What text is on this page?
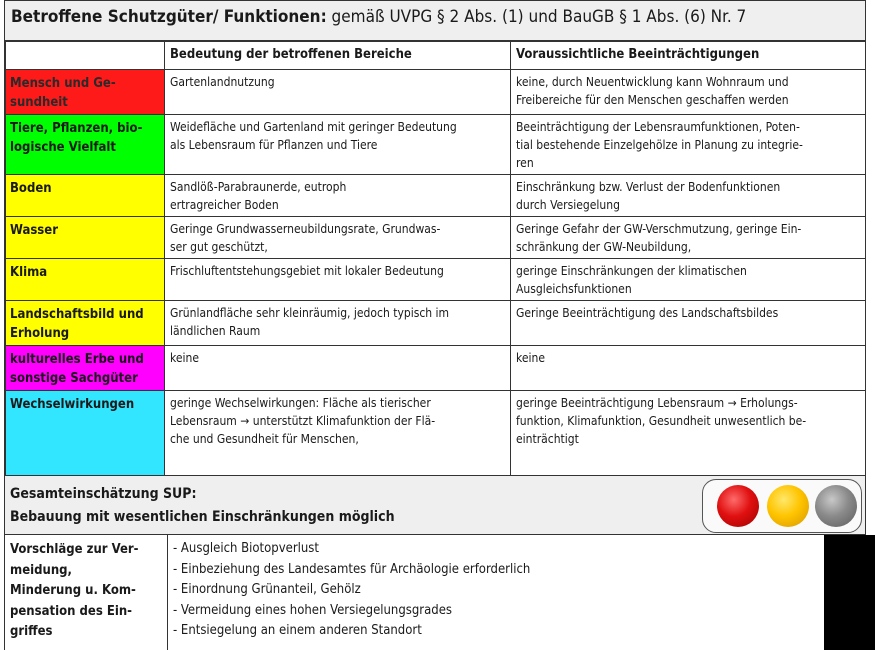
Betroffene Schutzgüter/ Funktionen: gemäß UVPG § 2 Abs. (1) und BauGB § 1 Abs. (6) Nr. 7
	Bedeutung der betroffenen Bereiche	Voraussichtliche Beeinträchtigungen
Mensch und Ge-
sundheit	Gartenlandnutzung	keine, durch Neuentwicklung kann Wohnraum und
Freibereiche für den Menschen geschaffen werden
Tiere, Pflanzen, bio-
logische Vielfalt	Weidefläche und Gartenland mit geringer Bedeutung
als Lebensraum für Pflanzen und Tiere	Beeinträchtigung der Lebensraumfunktionen, Poten-
tial bestehende Einzelgehölze in Planung zu integrie-
ren
Boden	Sandlöß-Parabraunerde, eutroph
ertragreicher Boden	Einschränkung bzw. Verlust der Bodenfunktionen
durch Versiegelung
Wasser	Geringe Grundwasserneubildungsrate, Grundwas-
ser gut geschützt,	Geringe Gefahr der GW-Verschmutzung, geringe Ein-
schränkung der GW-Neubildung,
Klima	Frischluftentstehungsgebiet mit lokaler Bedeutung	geringe Einschränkungen der klimatischen
Ausgleichsfunktionen
Landschaftsbild und
Erholung	Grünlandfläche sehr kleinräumig, jedoch typisch im
ländlichen Raum	Geringe Beeinträchtigung des Landschaftsbildes
kulturelles Erbe und
sonstige Sachgüter	keine	keine
Wechselwirkungen	geringe Wechselwirkungen: Fläche als tierischer
Lebensraum → unterstützt Klimafunktion der Flä-
che und Gesundheit für Menschen,	geringe Beeinträchtigung Lebensraum → Erholungs-
funktion, Klimafunktion, Gesundheit unwesentlich be-
einträchtigt
Gesamteinschätzung SUP:
Bebauung mit wesentlichen Einschränkungen möglich
Vorschläge zur Ver-
meidung,
Minderung u. Kom-
pensation des Ein-
griffes
- Ausgleich Biotopverlust
- Einbeziehung des Landesamtes für Archäologie erforderlich
- Einordnung Grünanteil, Gehölz
- Vermeidung eines hohen Versiegelungsgrades
- Entsiegelung an einem anderen Standort
